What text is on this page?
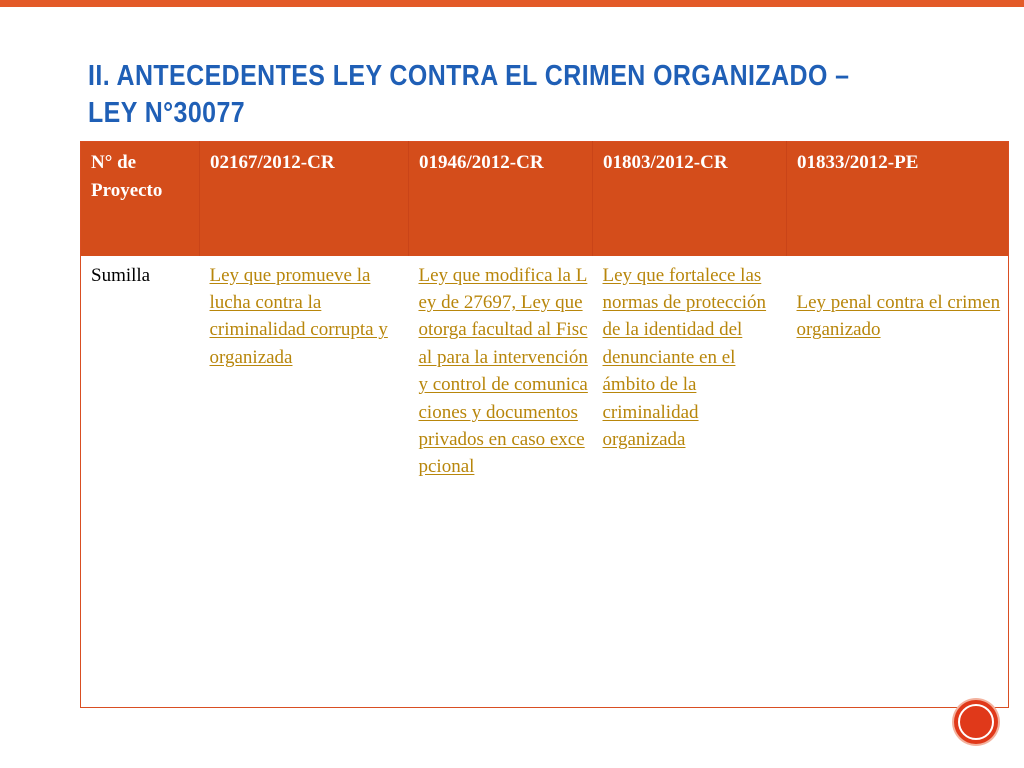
II. ANTECEDENTES LEY CONTRA EL CRIMEN ORGANIZADO –
LEY N°30077
N° de Proyecto	02167/2012-CR	01946/2012-CR	01803/2012-CR	01833/2012-PE
Sumilla	Ley que promueve la lucha contra la criminalidad corrupta y organizada	Ley que modifica la Ley de 27697, Ley que otorga facultad al Fiscal para la intervención y control de comunicaciones y documentos privados en caso excepcional	Ley que fortalece las normas de protección de la identidad del denunciante en el ámbito de la criminalidad organizada	Ley penal contra el crimen organizado
